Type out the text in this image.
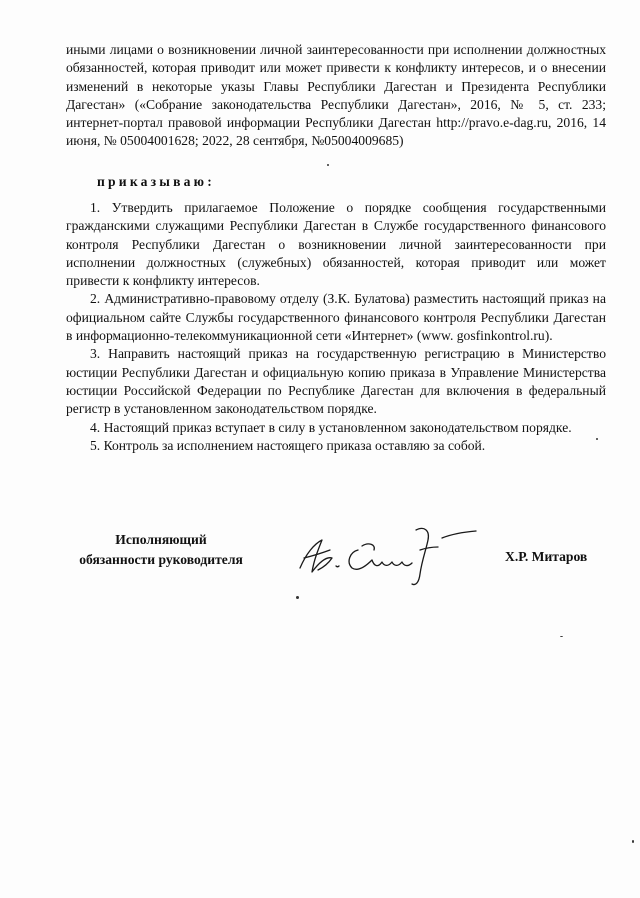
иными лицами о возникновении личной заинтересованности при исполнении должностных обязанностей, которая приводит или может привести к конфликту интересов, и о внесении изменений в некоторые указы Главы Республики Дагестан и Президента Республики Дагестан» («Собрание законодательства Республики Дагестан», 2016, № 5, ст. 233; интернет-портал правовой информации Республики Дагестан http://pravo.e-dag.ru, 2016, 14 июня, № 05004001628; 2022, 28 сентября, №05004009685)

приказываю:

1. Утвердить прилагаемое Положение о порядке сообщения государственными гражданскими служащими Республики Дагестан в Службе государственного финансового контроля Республики Дагестан о возникновении личной заинтересованности при исполнении должностных (служебных) обязанностей, которая приводит или может привести к конфликту интересов.

2. Административно-правовому отделу (З.К. Булатова) разместить настоящий приказ на официальном сайте Службы государственного финансового контроля Республики Дагестан в информационно-телекоммуникационной сети «Интернет» (www. gosfinkontrol.ru).

3. Направить настоящий приказ на государственную регистрацию в Министерство юстиции Республики Дагестан и официальную копию приказа в Управление Министерства юстиции Российской Федерации по Республике Дагестан для включения в федеральный регистр в установленном законодательством порядке.

4. Настоящий приказ вступает в силу в установленном законодательством порядке.

5. Контроль за исполнением настоящего приказа оставляю за собой.

Исполняющий
обязанности руководителя	Х.Р. Митаров
